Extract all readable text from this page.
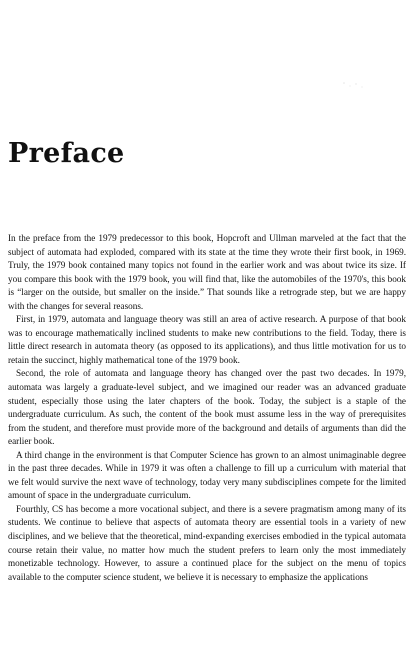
Preface

In the preface from the 1979 predecessor to this book, Hopcroft and Ullman marveled at the fact that the subject of automata had exploded, compared with its state at the time they wrote their first book, in 1969. Truly, the 1979 book contained many topics not found in the earlier work and was about twice its size. If you compare this book with the 1979 book, you will find that, like the automobiles of the 1970's, this book is “larger on the outside, but smaller on the inside.” That sounds like a retrograde step, but we are happy with the changes for several reasons.

First, in 1979, automata and language theory was still an area of active research. A purpose of that book was to encourage mathematically inclined students to make new contributions to the field. Today, there is little direct research in automata theory (as opposed to its applications), and thus little motivation for us to retain the succinct, highly mathematical tone of the 1979 book.

Second, the role of automata and language theory has changed over the past two decades. In 1979, automata was largely a graduate-level subject, and we imagined our reader was an advanced graduate student, especially those using the later chapters of the book. Today, the subject is a staple of the undergraduate curriculum. As such, the content of the book must assume less in the way of prerequisites from the student, and therefore must provide more of the background and details of arguments than did the earlier book.

A third change in the environment is that Computer Science has grown to an almost unimaginable degree in the past three decades. While in 1979 it was often a challenge to fill up a curriculum with material that we felt would survive the next wave of technology, today very many subdisciplines compete for the limited amount of space in the undergraduate curriculum.

Fourthly, CS has become a more vocational subject, and there is a severe pragmatism among many of its students. We continue to believe that aspects of automata theory are essential tools in a variety of new disciplines, and we believe that the theoretical, mind-expanding exercises embodied in the typical automata course retain their value, no matter how much the student prefers to learn only the most immediately monetizable technology. However, to assure a continued place for the subject on the menu of topics available to the computer science student, we believe it is necessary to emphasize the applications
